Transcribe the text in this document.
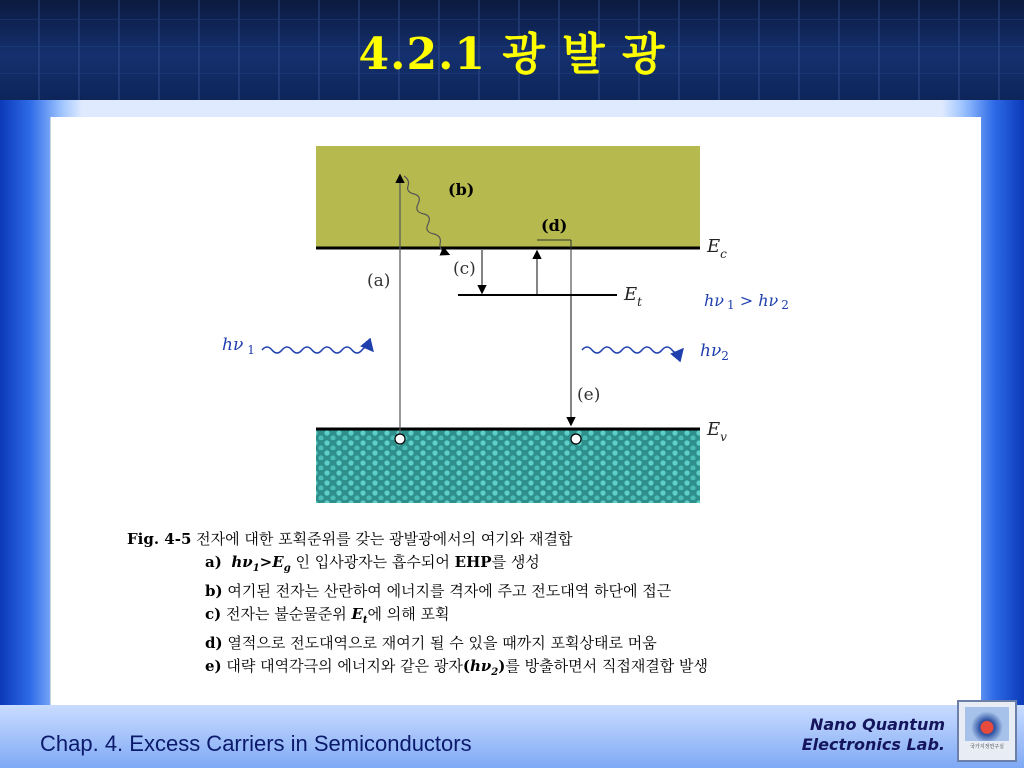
4.2.1 광 발 광
(b)
(d)
(a)
(c)
(e)
$E_c$
$E_t$
$E_v$
hν $_1$	$h\nu_2$
hν 1 > hν 2
Fig. 4-5 전자에 대한 포획준위를 갖는 광발광에서의 여기와 재결합
a) $h\nu_1>E_g$ 인 입사광자는 흡수되어 EHP를 생성
b) 여기된 전자는 산란하여 에너지를 격자에 주고 전도대역 하단에 접근
c) 전자는 불순물준위 $E_t$에 의해 포획
d) 열적으로 전도대역으로 재여기 될 수 있을 때까지 포획상태로 머움
e) 대략 대역각극의 에너지와 같은 광자$(h\nu_2)$를 방출하면서 직접재결합 발생
Chap. 4. Excess Carriers in Semiconductors
Nano Quantum
Electronics Lab.	국가지정연구실
